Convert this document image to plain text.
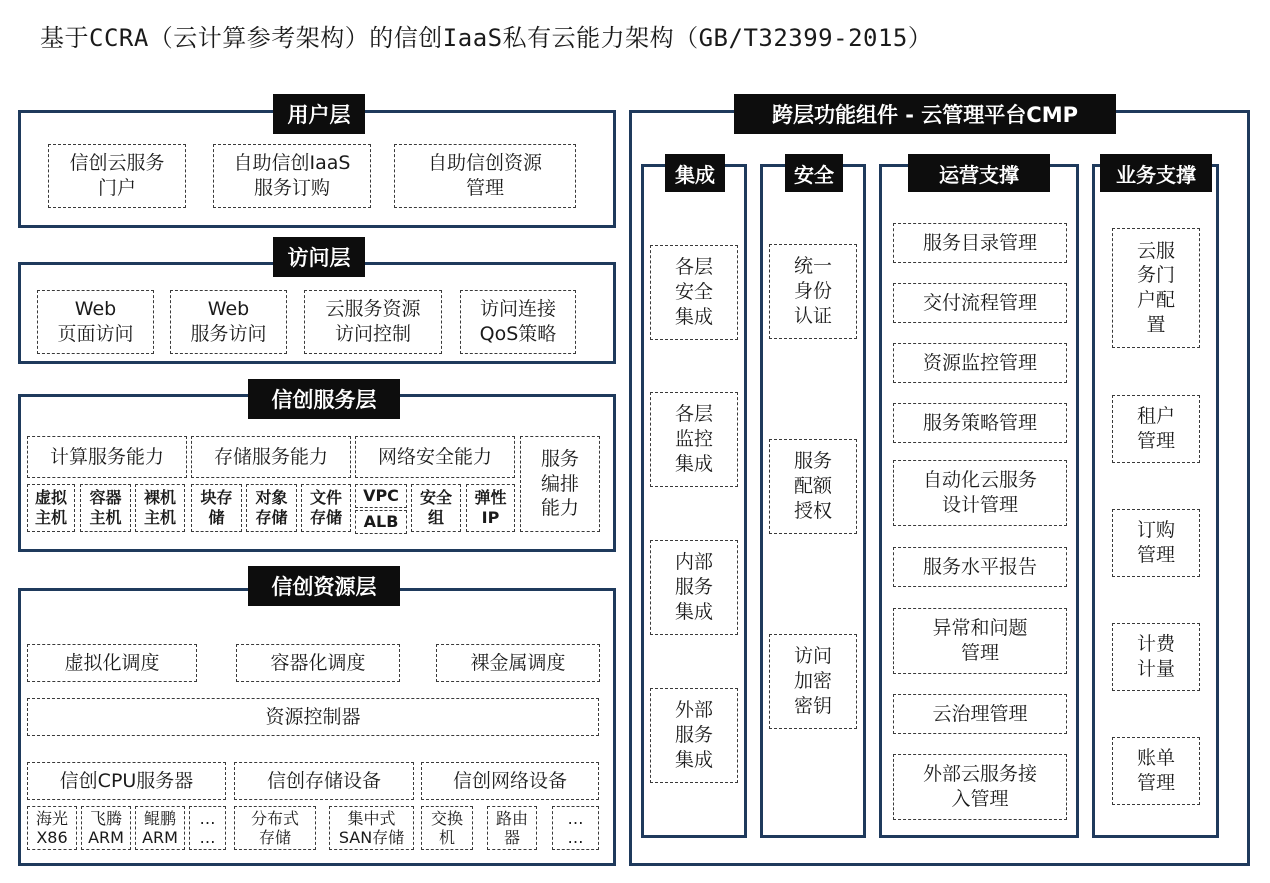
基于CCRA（云计算参考架构）的信创IaaS私有云能力架构（GB/T32399-2015）
用户层
信创云服务
门户
自助信创IaaS
服务订购
自助信创资源
管理
访问层
Web
页面访问
Web
服务访问
云服务资源
访问控制
访问连接
QoS策略
信创服务层
计算服务能力	存储服务能力	网络安全能力	服务
编排
能力
虚拟
主机
容器
主机
裸机
主机
块存
储
对象
存储
文件
存储
VPC
ALB
安全
组
弹性
IP
信创资源层
虚拟化调度	容器化调度	裸金属调度
资源控制器
信创CPU服务器	信创存储设备	信创网络设备
海光
X86
飞腾
ARM
鲲鹏
ARM
…
…
分布式
存储
集中式
SAN存储
交换
机
路由
器
…
…
跨层功能组件 - 云管理平台CMP
集成
各层
安全
集成
各层
监控
集成
内部
服务
集成
外部
服务
集成
安全
统一
身份
认证
服务
配额
授权
访问
加密
密钥
运营支撑
服务目录管理
交付流程管理
资源监控管理
服务策略管理
自动化云服务
设计管理
服务水平报告
异常和问题
管理
云治理管理
外部云服务接
入管理
业务支撑
云服
务门
户配
置
租户
管理
订购
管理
计费
计量
账单
管理
